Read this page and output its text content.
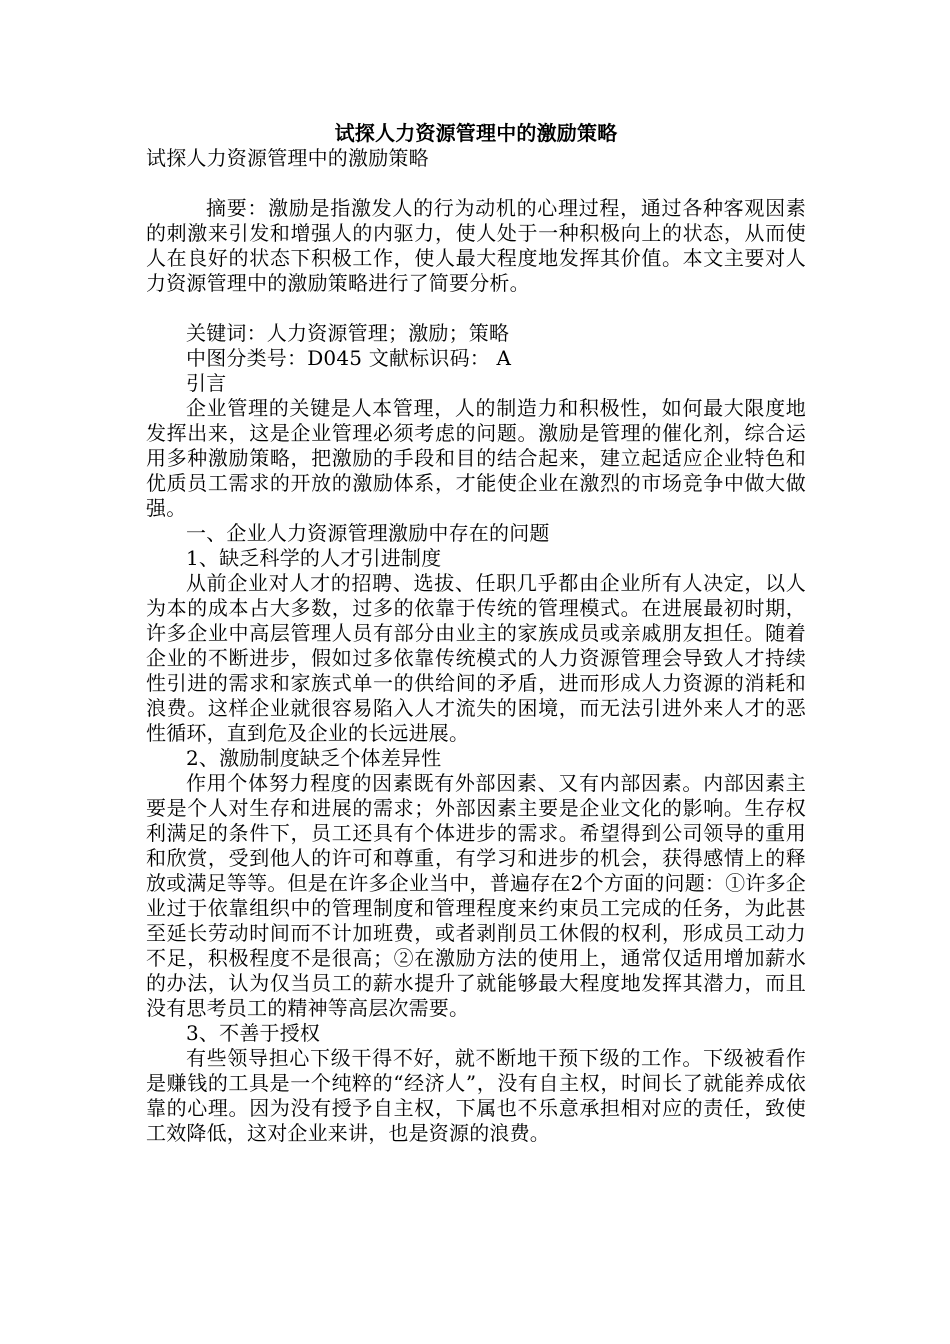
试探人力资源管理中的激励策略

试探人力资源管理中的激励策略

摘要：激励是指激发人的行为动机的心理过程，通过各种客观因素的刺激来引发和增强人的内驱力，使人处于一种积极向上的状态，从而使人在良好的状态下积极工作，使人最大程度地发挥其价值。本文主要对人力资源管理中的激励策略进行了简要分析。

关键词：人力资源管理；激励；策略

中图分类号：D045 文献标识码： A

引言

企业管理的关键是人本管理，人的制造力和积极性，如何最大限度地发挥出来，这是企业管理必须考虑的问题。激励是管理的催化剂，综合运用多种激励策略，把激励的手段和目的结合起来，建立起适应企业特色和优质员工需求的开放的激励体系，才能使企业在激烈的市场竞争中做大做强。

一、企业人力资源管理激励中存在的问题

1、缺乏科学的人才引进制度

从前企业对人才的招聘、选拔、任职几乎都由企业所有人决定，以人为本的成本占大多数，过多的依靠于传统的管理模式。在进展最初时期，许多企业中高层管理人员有部分由业主的家族成员或亲戚朋友担任。随着企业的不断进步，假如过多依靠传统模式的人力资源管理会导致人才持续性引进的需求和家族式单一的供给间的矛盾，进而形成人力资源的消耗和浪费。这样企业就很容易陷入人才流失的困境，而无法引进外来人才的恶性循环，直到危及企业的长远进展。

2、激励制度缺乏个体差异性

作用个体努力程度的因素既有外部因素、又有内部因素。内部因素主要是个人对生存和进展的需求；外部因素主要是企业文化的影响。生存权利满足的条件下，员工还具有个体进步的需求。希望得到公司领导的重用和欣赏，受到他人的许可和尊重，有学习和进步的机会，获得感情上的释放或满足等等。但是在许多企业当中，普遍存在2个方面的问题：①许多企业过于依靠组织中的管理制度和管理程度来约束员工完成的任务，为此甚至延长劳动时间而不计加班费，或者剥削员工休假的权利，形成员工动力不足，积极程度不是很高；②在激励方法的使用上，通常仅适用增加薪水的办法，认为仅当员工的薪水提升了就能够最大程度地发挥其潜力，而且没有思考员工的精神等高层次需要。

3、不善于授权

有些领导担心下级干得不好，就不断地干预下级的工作。下级被看作是赚钱的工具是一个纯粹的“经济人”，没有自主权，时间长了就能养成依靠的心理。因为没有授予自主权，下属也不乐意承担相对应的责任，致使工效降低，这对企业来讲，也是资源的浪费。
